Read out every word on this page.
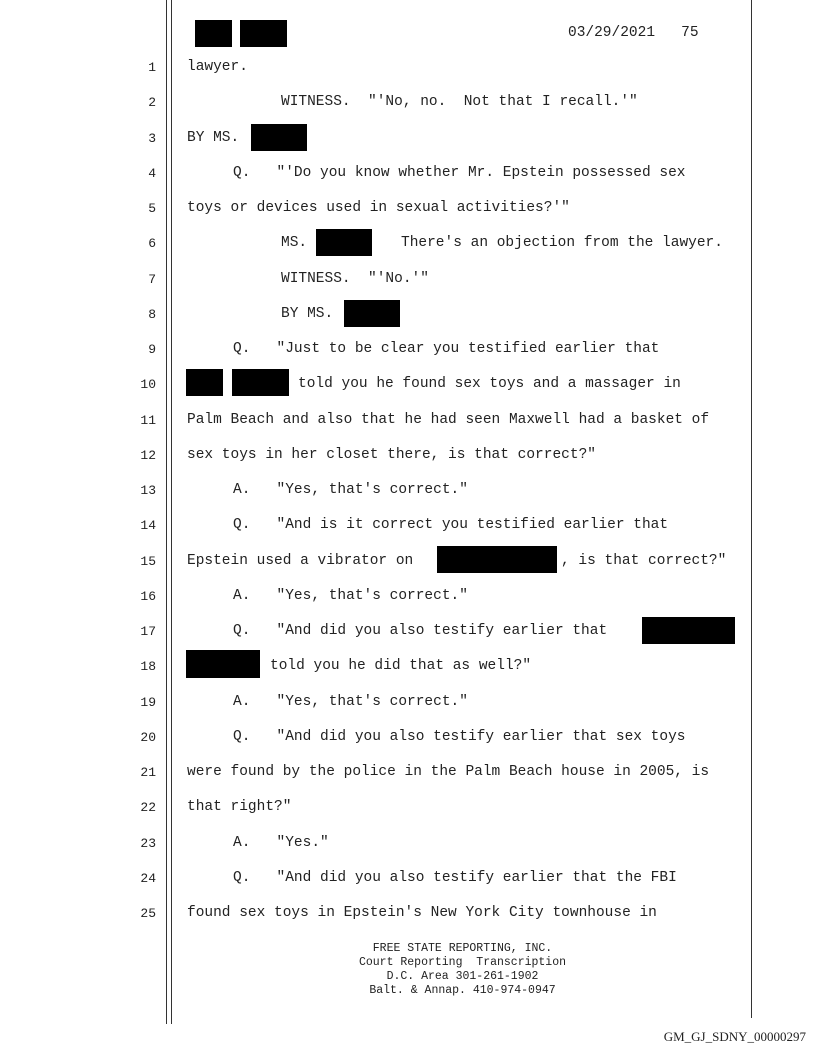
03/29/2021 75
1 lawyer.
2	WITNESS.  "'No, no.  Not that I recall.'"
3 BY MS.
4	Q.   "'Do you know whether Mr. Epstein possessed sex
5 toys or devices used in sexual activities?'"
6	MS.	There's an objection from the lawyer.
7	WITNESS.  "'No.'"
8	BY MS.
9	Q.   "Just to be clear you testified earlier that
10	told you he found sex toys and a massager in
11 Palm Beach and also that he had seen Maxwell had a basket of
12 sex toys in her closet there, is that correct?"
13	A.   "Yes, that's correct."
14	Q.   "And is it correct you testified earlier that
15 Epstein used a vibrator on	, is that correct?"
16	A.   "Yes, that's correct."
17	Q.   "And did you also testify earlier that
18	told you he did that as well?"
19	A.   "Yes, that's correct."
20	Q.   "And did you also testify earlier that sex toys
21 were found by the police in the Palm Beach house in 2005, is
22 that right?"
23	A.   "Yes."
24	Q.   "And did you also testify earlier that the FBI
25 found sex toys in Epstein's New York City townhouse in
FREE STATE REPORTING, INC.
Court Reporting  Transcription
D.C. Area 301-261-1902
Balt. & Annap. 410-974-0947
GM_GJ_SDNY_00000297
